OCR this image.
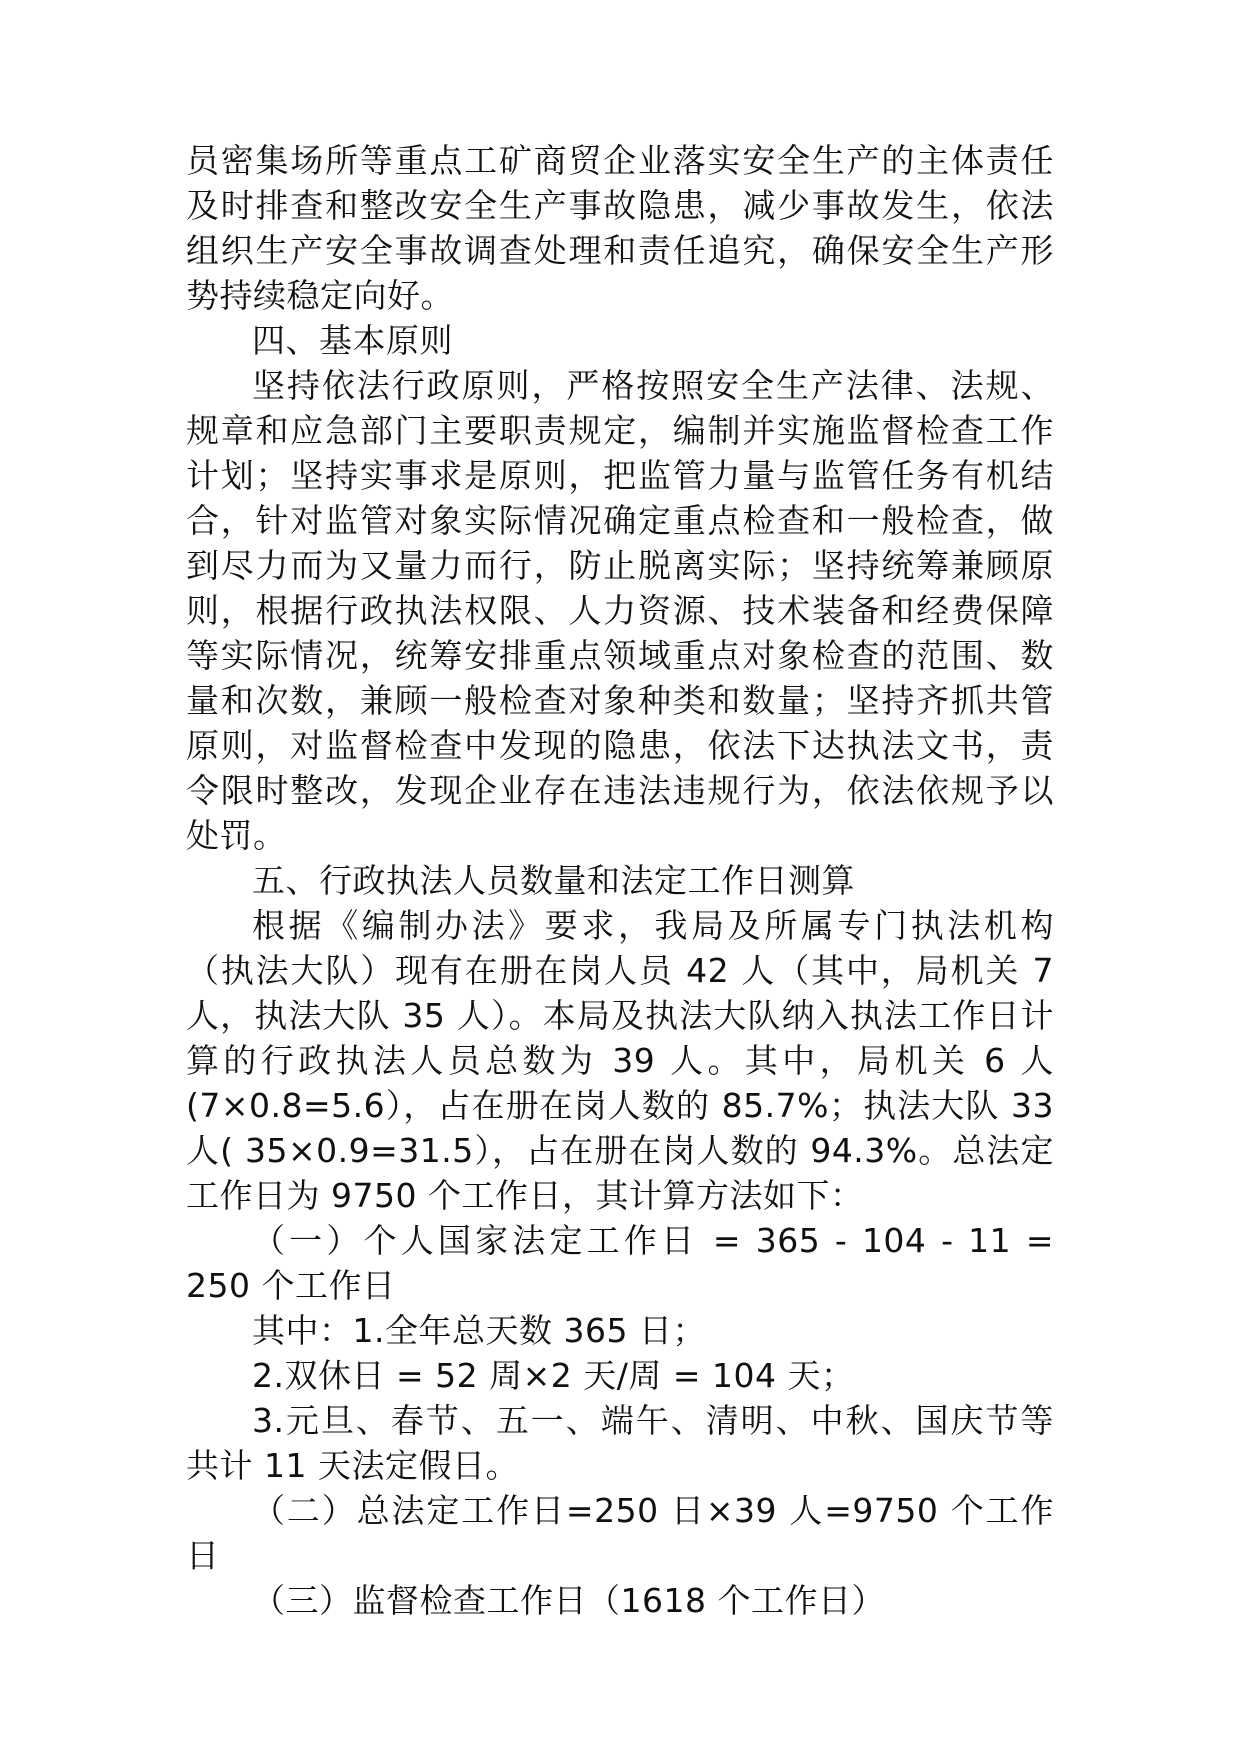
员密集场所等重点工矿商贸企业落实安全生产的主体责任及时排查和整改安全生产事故隐患，减少事故发生，依法组织生产安全事故调查处理和责任追究，确保安全生产形势持续稳定向好。

四、基本原则

坚持依法行政原则，严格按照安全生产法律、法规、规章和应急部门主要职责规定，编制并实施监督检查工作计划；坚持实事求是原则，把监管力量与监管任务有机结合，针对监管对象实际情况确定重点检查和一般检查，做到尽力而为又量力而行，防止脱离实际；坚持统筹兼顾原则，根据行政执法权限、人力资源、技术装备和经费保障等实际情况，统筹安排重点领域重点对象检查的范围、数量和次数，兼顾一般检查对象种类和数量；坚持齐抓共管原则，对监督检查中发现的隐患，依法下达执法文书，责令限时整改，发现企业存在违法违规行为，依法依规予以处罚。

五、行政执法人员数量和法定工作日测算

根据《编制办法》要求，我局及所属专门执法机构（执法大队）现有在册在岗人员 42 人（其中，局机关 7 人，执法大队 35 人）。本局及执法大队纳入执法工作日计算的行政执法人员总数为 39 人。其中，局机关 6 人(7×0.8=5.6），占在册在岗人数的 85.7%；执法大队 33 人( 35×0.9=31.5），占在册在岗人数的 94.3%。总法定工作日为 9750 个工作日，其计算方法如下：

（一）个人国家法定工作日 = 365 - 104 - 11 = 250 个工作日

其中：1.全年总天数 365 日；

2.双休日 = 52 周×2 天/周 = 104 天；

3.元旦、春节、五一、端午、清明、中秋、国庆节等共计 11 天法定假日。

（二）总法定工作日=250 日×39 人=9750 个工作日

（三）监督检查工作日（1618 个工作日）
